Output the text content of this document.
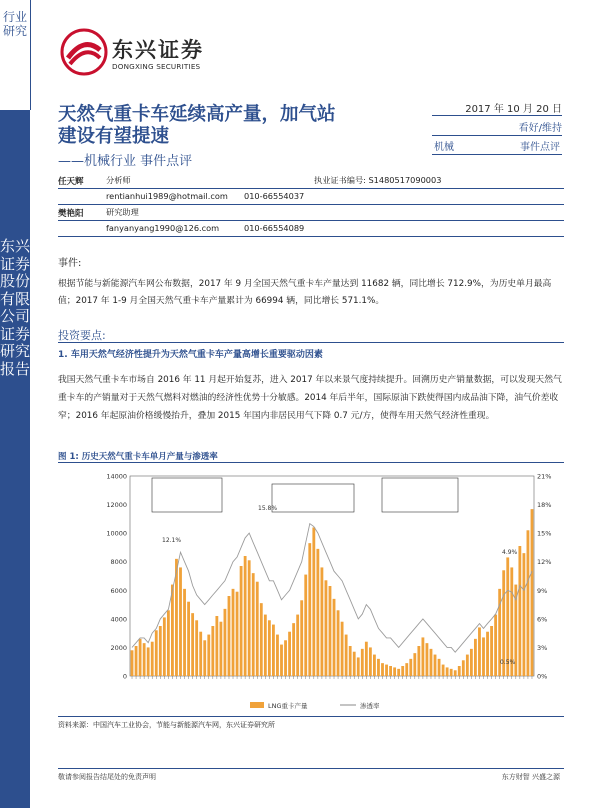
行业研究
东兴证券股份有限公司证券研究报告
东兴证券
DONGXING SECURITIES
天然气重卡车延续高产量，加气站
建设有望提速
——机械行业 事件点评
2017 年 10 月 20 日
看好/维持
机械	事件点评
任天辉	分析师	执业证书编号: S1480517090003
rentianhui1989@hotmail.com 010-66554037
樊艳阳	研究助理
fanyanyang1990@126.com	010-66554089
事件:
根据节能与新能源汽车网公布数据，2017 年 9 月全国天然气重卡车产量达到 11682 辆，同比增长 712.9%，为历史单月最高值；2017 年 1-9 月全国天然气重卡车产量累计为 66994 辆，同比增长 571.1%。
投资要点:
1. 车用天然气经济性提升为天然气重卡车产量高增长重要驱动因素
我国天然气重卡车市场自 2016 年 11 月起开始复苏，进入 2017 年以来景气度持续提升。回溯历史产销量数据，可以发现天然气重卡车的产销量对于天然气燃料对燃油的经济性优势十分敏感。2014 年后半年，国际原油下跌使得国内成品油下降，油气价差收窄；2016 年起原油价格缓慢抬升，叠加 2015 年国内非居民用气下降 0.7 元/方，使得车用天然气经济性重现。
图 1: 历史天然气重卡车单月产量与渗透率
0
2000
4000
6000
8000
10000
12000
14000
0%
3%
6%
9%
12%
15%
18%
21%
15.8%
12.1%
0.5%
4.9%
LNG重卡产量	渗透率
资料来源：中国汽车工业协会，节能与新能源汽车网，东兴证券研究所
敬请参阅报告结尾处的免责声明	东方财智 兴盛之源
